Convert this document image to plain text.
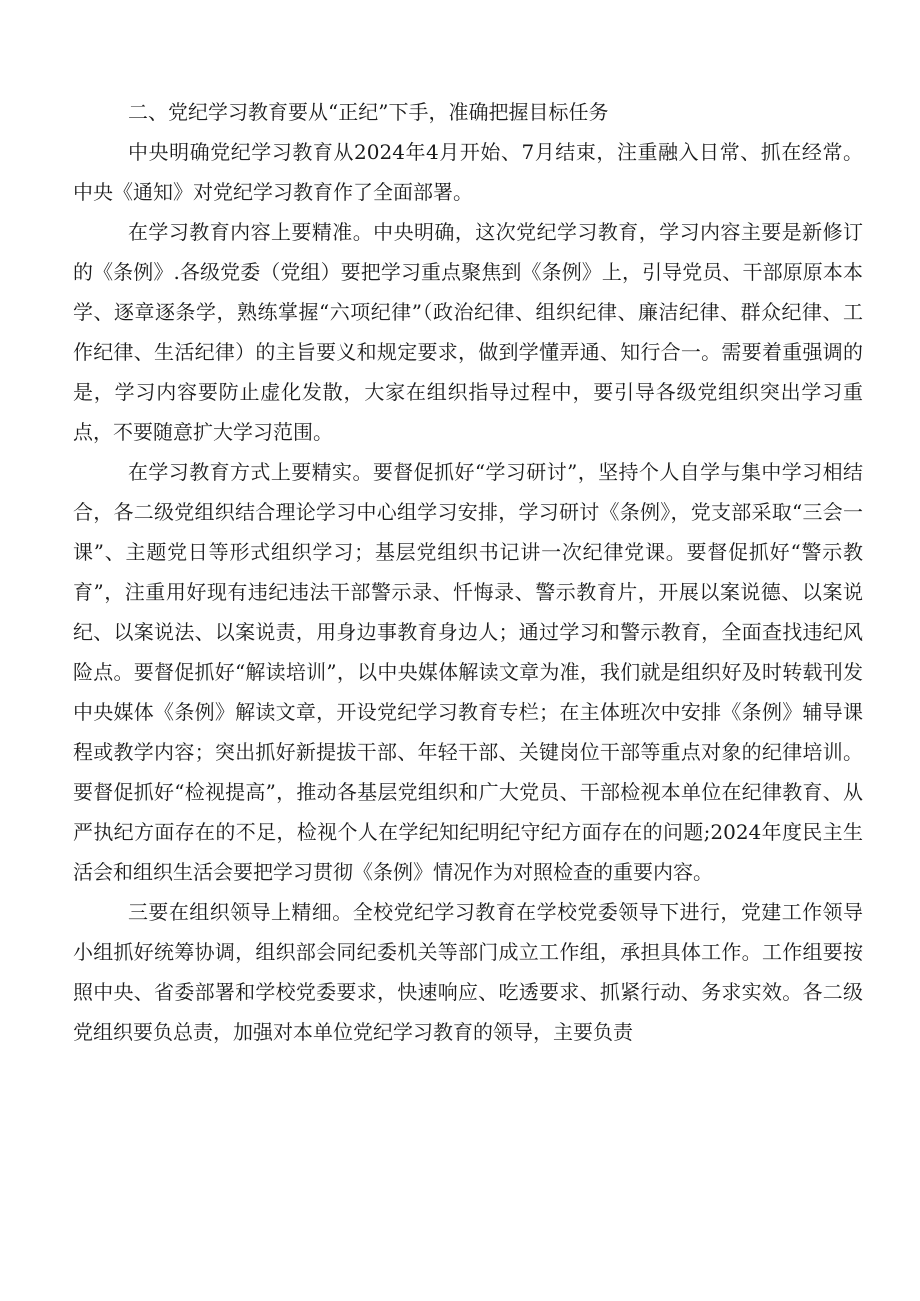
二、党纪学习教育要从“正纪”下手，准确把握目标任务

中央明确党纪学习教育从2024年4月开始、7月结束，注重融入日常、抓在经常。中央《通知》对党纪学习教育作了全面部署。

在学习教育内容上要精准。中央明确，这次党纪学习教育，学习内容主要是新修订的《条例》.各级党委（党组）要把学习重点聚焦到《条例》上，引导党员、干部原原本本学、逐章逐条学，熟练掌握“六项纪律”（政治纪律、组织纪律、廉洁纪律、群众纪律、工作纪律、生活纪律）的主旨要义和规定要求，做到学懂弄通、知行合一。需要着重强调的是，学习内容要防止虚化发散，大家在组织指导过程中，要引导各级党组织突出学习重点，不要随意扩大学习范围。

在学习教育方式上要精实。要督促抓好“学习研讨”，坚持个人自学与集中学习相结合，各二级党组织结合理论学习中心组学习安排，学习研讨《条例》，党支部采取“三会一课”、主题党日等形式组织学习；基层党组织书记讲一次纪律党课。要督促抓好“警示教育”，注重用好现有违纪违法干部警示录、忏悔录、警示教育片，开展以案说德、以案说纪、以案说法、以案说责，用身边事教育身边人；通过学习和警示教育，全面查找违纪风险点。要督促抓好“解读培训”，以中央媒体解读文章为准，我们就是组织好及时转载刊发中央媒体《条例》解读文章，开设党纪学习教育专栏；在主体班次中安排《条例》辅导课程或教学内容；突出抓好新提拔干部、年轻干部、关键岗位干部等重点对象的纪律培训。要督促抓好“检视提高”，推动各基层党组织和广大党员、干部检视本单位在纪律教育、从严执纪方面存在的不足，检视个人在学纪知纪明纪守纪方面存在的问题;2024年度民主生活会和组织生活会要把学习贯彻《条例》情况作为对照检查的重要内容。

三要在组织领导上精细。全校党纪学习教育在学校党委领导下进行，党建工作领导小组抓好统筹协调，组织部会同纪委机关等部门成立工作组，承担具体工作。工作组要按照中央、省委部署和学校党委要求，快速响应、吃透要求、抓紧行动、务求实效。各二级党组织要负总责，加强对本单位党纪学习教育的领导，主要负责
